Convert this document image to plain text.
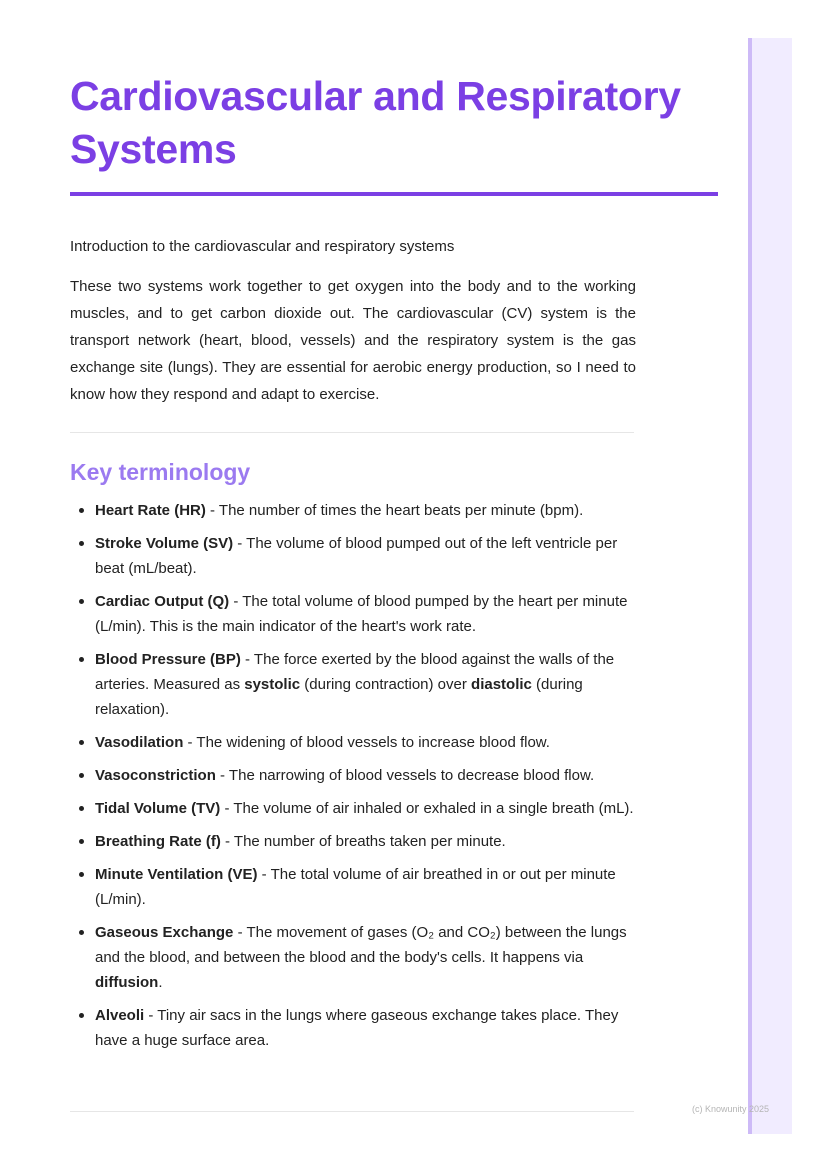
Cardiovascular and Respiratory Systems
Introduction to the cardiovascular and respiratory systems

These two systems work together to get oxygen into the body and to the working muscles, and to get carbon dioxide out. The cardiovascular (CV) system is the transport network (heart, blood, vessels) and the respiratory system is the gas exchange site (lungs). They are essential for aerobic energy production, so I need to know how they respond and adapt to exercise.

Key terminology
Heart Rate (HR) - The number of times the heart beats per minute (bpm).
Stroke Volume (SV) - The volume of blood pumped out of the left ventricle per beat (mL/beat).
Cardiac Output (Q) - The total volume of blood pumped by the heart per minute (L/min). This is the main indicator of the heart's work rate.
Blood Pressure (BP) - The force exerted by the blood against the walls of the arteries. Measured as systolic (during contraction) over diastolic (during relaxation).
Vasodilation - The widening of blood vessels to increase blood flow.
Vasoconstriction - The narrowing of blood vessels to decrease blood flow.
Tidal Volume (TV) - The volume of air inhaled or exhaled in a single breath (mL).
Breathing Rate (f) - The number of breaths taken per minute.
Minute Ventilation (VE) - The total volume of air breathed in or out per minute (L/min).
Gaseous Exchange - The movement of gases (O₂ and CO₂) between the lungs and the blood, and between the blood and the body's cells. It happens via diffusion.
Alveoli - Tiny air sacs in the lungs where gaseous exchange takes place. They have a huge surface area.
(c) Knowunity 2025
